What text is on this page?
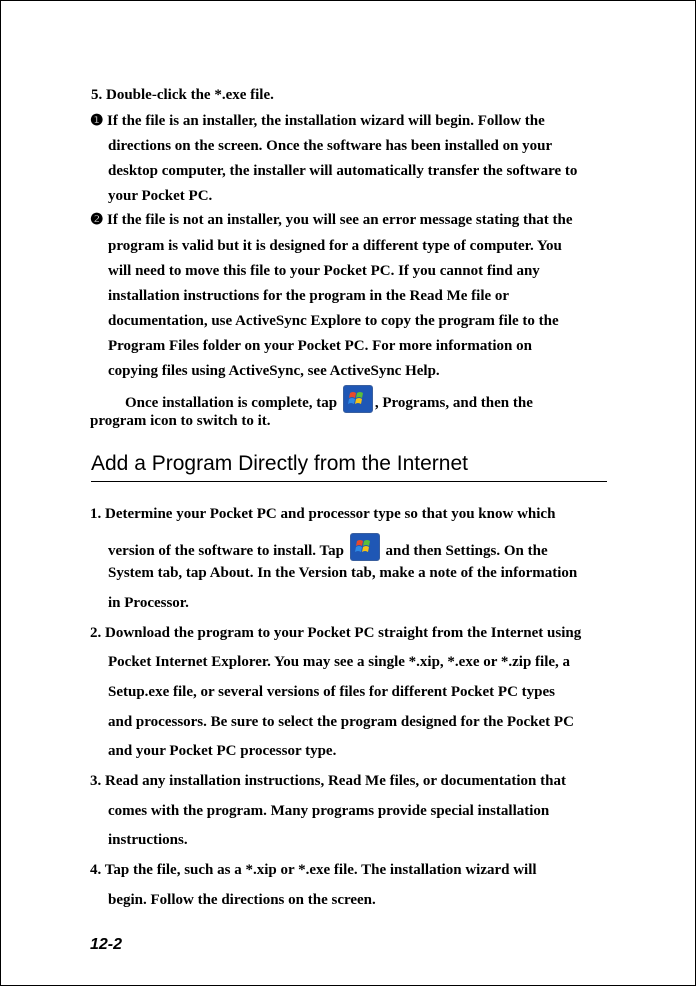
5. Double-click the *.exe file.
❶ If the file is an installer, the installation wizard will begin. Follow the
directions on the screen. Once the software has been installed on your
desktop computer, the installer will automatically transfer the software to
your Pocket PC.
❷ If the file is not an installer, you will see an error message stating that the
program is valid but it is designed for a different type of computer. You
will need to move this file to your Pocket PC. If you cannot find any
installation instructions for the program in the Read Me file or
documentation, use ActiveSync Explore to copy the program file to the
Program Files folder on your Pocket PC. For more information on
copying files using ActiveSync, see ActiveSync Help.
Once installation is complete, tap	, Programs, and then the
program icon to switch to it.
Add a Program Directly from the Internet
1. Determine your Pocket PC and processor type so that you know which
version of the software to install. Tap	and then Settings. On the
System tab, tap About. In the Version tab, make a note of the information
in Processor.
2. Download the program to your Pocket PC straight from the Internet using
Pocket Internet Explorer. You may see a single *.xip, *.exe or *.zip file, a
Setup.exe file, or several versions of files for different Pocket PC types
and processors. Be sure to select the program designed for the Pocket PC
and your Pocket PC processor type.
3. Read any installation instructions, Read Me files, or documentation that
comes with the program. Many programs provide special installation
instructions.
4. Tap the file, such as a *.xip or *.exe file. The installation wizard will
begin. Follow the directions on the screen.
12-2
